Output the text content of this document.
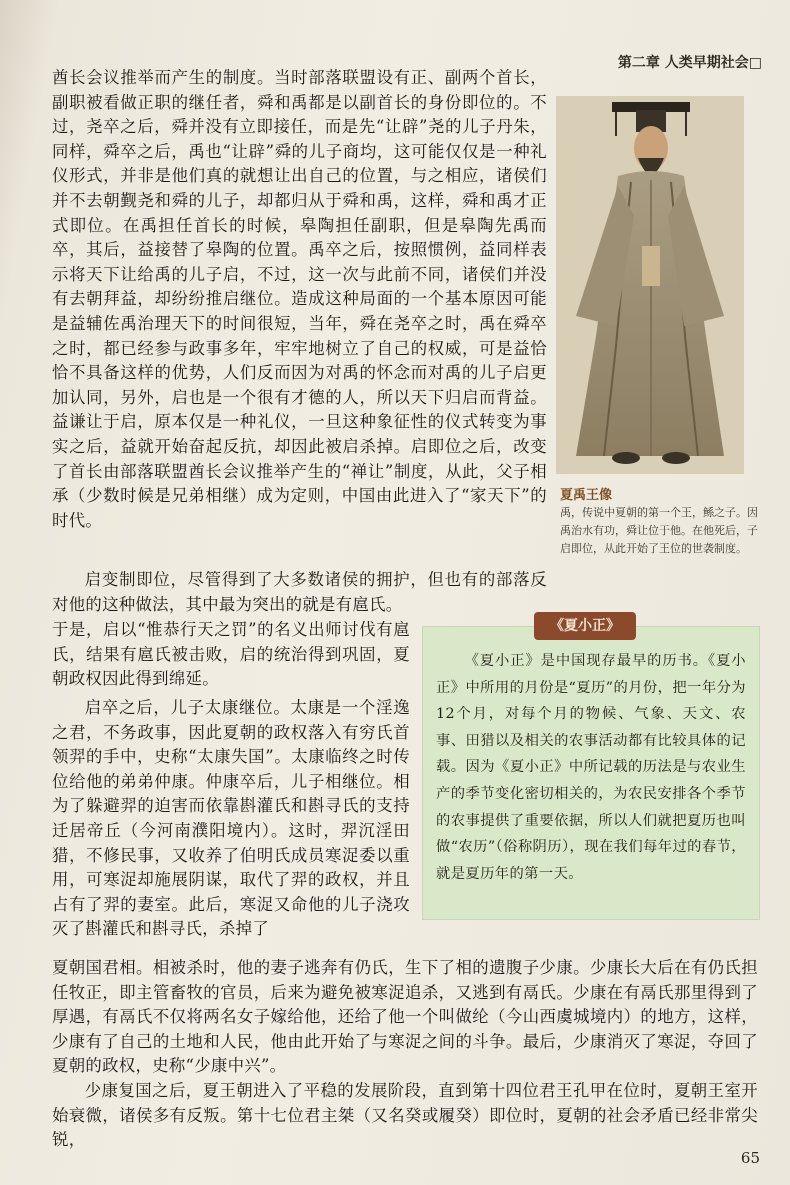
第二章 人类早期社会□

酋长会议推举而产生的制度。当时部落联盟设有正、副两个首长，副职被看做正职的继任者，舜和禹都是以副首长的身份即位的。不过，尧卒之后，舜并没有立即接任，而是先“让辟”尧的儿子丹朱，同样，舜卒之后，禹也“让辟”舜的儿子商均，这可能仅仅是一种礼仪形式，并非是他们真的就想让出自己的位置，与之相应，诸侯们并不去朝觐尧和舜的儿子，却都归从于舜和禹，这样，舜和禹才正式即位。在禹担任首长的时候，皋陶担任副职，但是皋陶先禹而卒，其后，益接替了皋陶的位置。禹卒之后，按照惯例，益同样表示将天下让给禹的儿子启，不过，这一次与此前不同，诸侯们并没有去朝拜益，却纷纷推启继位。造成这种局面的一个基本原因可能是益辅佐禹治理天下的时间很短，当年，舜在尧卒之时，禹在舜卒之时，都已经参与政事多年，牢牢地树立了自己的权威，可是益恰恰不具备这样的优势，人们反而因为对禹的怀念而对禹的儿子启更加认同，另外，启也是一个很有才德的人，所以天下归启而背益。益谦让于启，原本仅是一种礼仪，一旦这种象征性的仪式转变为事实之后，益就开始奋起反抗，却因此被启杀掉。启即位之后，改变了首长由部落联盟酋长会议推举产生的“禅让”制度，从此，父子相承（少数时候是兄弟相继）成为定则，中国由此进入了“家天下”的时代。

夏禹王像
禹，传说中夏朝的第一个王，鲧之子。因禹治水有功，舜让位于他。在他死后，子启即位，从此开始了王位的世袭制度。
启变制即位，尽管得到了大多数诸侯的拥护，但也有的部落反对他的这种做法，其中最为突出的就是有扈氏。
于是，启以“惟恭行天之罚”的名义出师讨伐有扈氏，结果有扈氏被击败，启的统治得到巩固，夏朝政权因此得到绵延。
启卒之后，儿子太康继位。太康是一个淫逸之君，不务政事，因此夏朝的政权落入有穷氏首领羿的手中，史称“太康失国”。太康临终之时传位给他的弟弟仲康。仲康卒后，儿子相继位。相为了躲避羿的迫害而依靠斟灌氏和斟寻氏的支持迁居帝丘（今河南濮阳境内）。这时，羿沉淫田猎，不修民事，又收养了伯明氏成员寒浞委以重用，可寒浞却施展阴谋，取代了羿的政权，并且占有了羿的妻室。此后，寒浞又命他的儿子浇攻灭了斟灌氏和斟寻氏，杀掉了
《夏小正》

《夏小正》是中国现存最早的历书。《夏小正》中所用的月份是“夏历”的月份，把一年分为12个月，对每个月的物候、气象、天文、农事、田猎以及相关的农事活动都有比较具体的记载。因为《夏小正》中所记载的历法是与农业生产的季节变化密切相关的，为农民安排各个季节的农事提供了重要依据，所以人们就把夏历也叫做“农历”（俗称阴历），现在我们每年过的春节，就是夏历年的第一天。

夏朝国君相。相被杀时，他的妻子逃奔有仍氏，生下了相的遗腹子少康。少康长大后在有仍氏担任牧正，即主管畜牧的官员，后来为避免被寒浞追杀，又逃到有鬲氏。少康在有鬲氏那里得到了厚遇，有鬲氏不仅将两名女子嫁给他，还给了他一个叫做纶（今山西虞城境内）的地方，这样，少康有了自己的土地和人民，他由此开始了与寒浞之间的斗争。最后，少康消灭了寒浞，夺回了夏朝的政权，史称“少康中兴”。

少康复国之后，夏王朝进入了平稳的发展阶段，直到第十四位君王孔甲在位时，夏朝王室开始衰微，诸侯多有反叛。第十七位君主桀（又名癸或履癸）即位时，夏朝的社会矛盾已经非常尖锐，

65
